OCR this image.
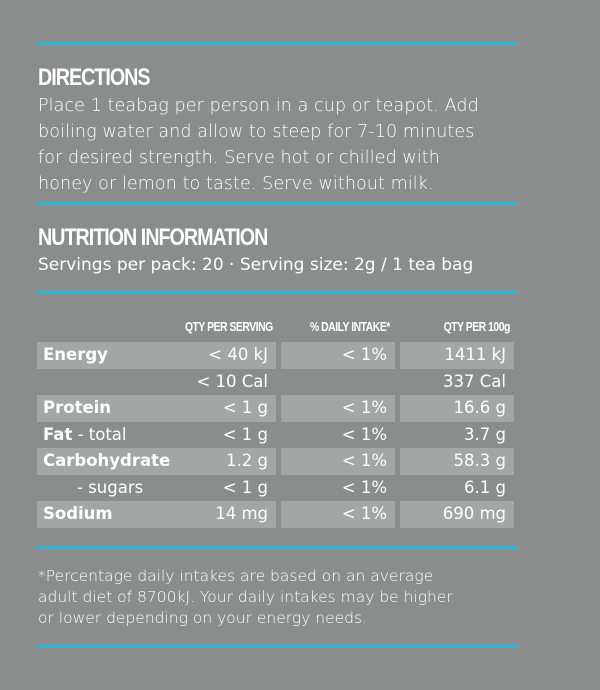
DIRECTIONS
Place 1 teabag per person in a cup or teapot. Add
boiling water and allow to steep for 7-10 minutes
for desired strength. Serve hot or chilled with
honey or lemon to taste. Serve without milk.
NUTRITION INFORMATION
Servings per pack: 20 · Serving size: 2g / 1 tea bag
QTY PER SERVING	% DAILY INTAKE*	QTY PER 100g
Energy < 40 kJ	< 1%	1411 kJ

< 10 Cal		337 Cal
Protein < 1 g	< 1%	16.6 g
Fat - total < 1 g	< 1%	3.7 g
Carbohydrate 1.2 g	< 1%	58.3 g
- sugars < 1 g	< 1%	6.1 g
Sodium 14 mg	< 1%	690 mg
*Percentage daily intakes are based on an average
adult diet of 8700kJ. Your daily intakes may be higher
or lower depending on your energy needs.
